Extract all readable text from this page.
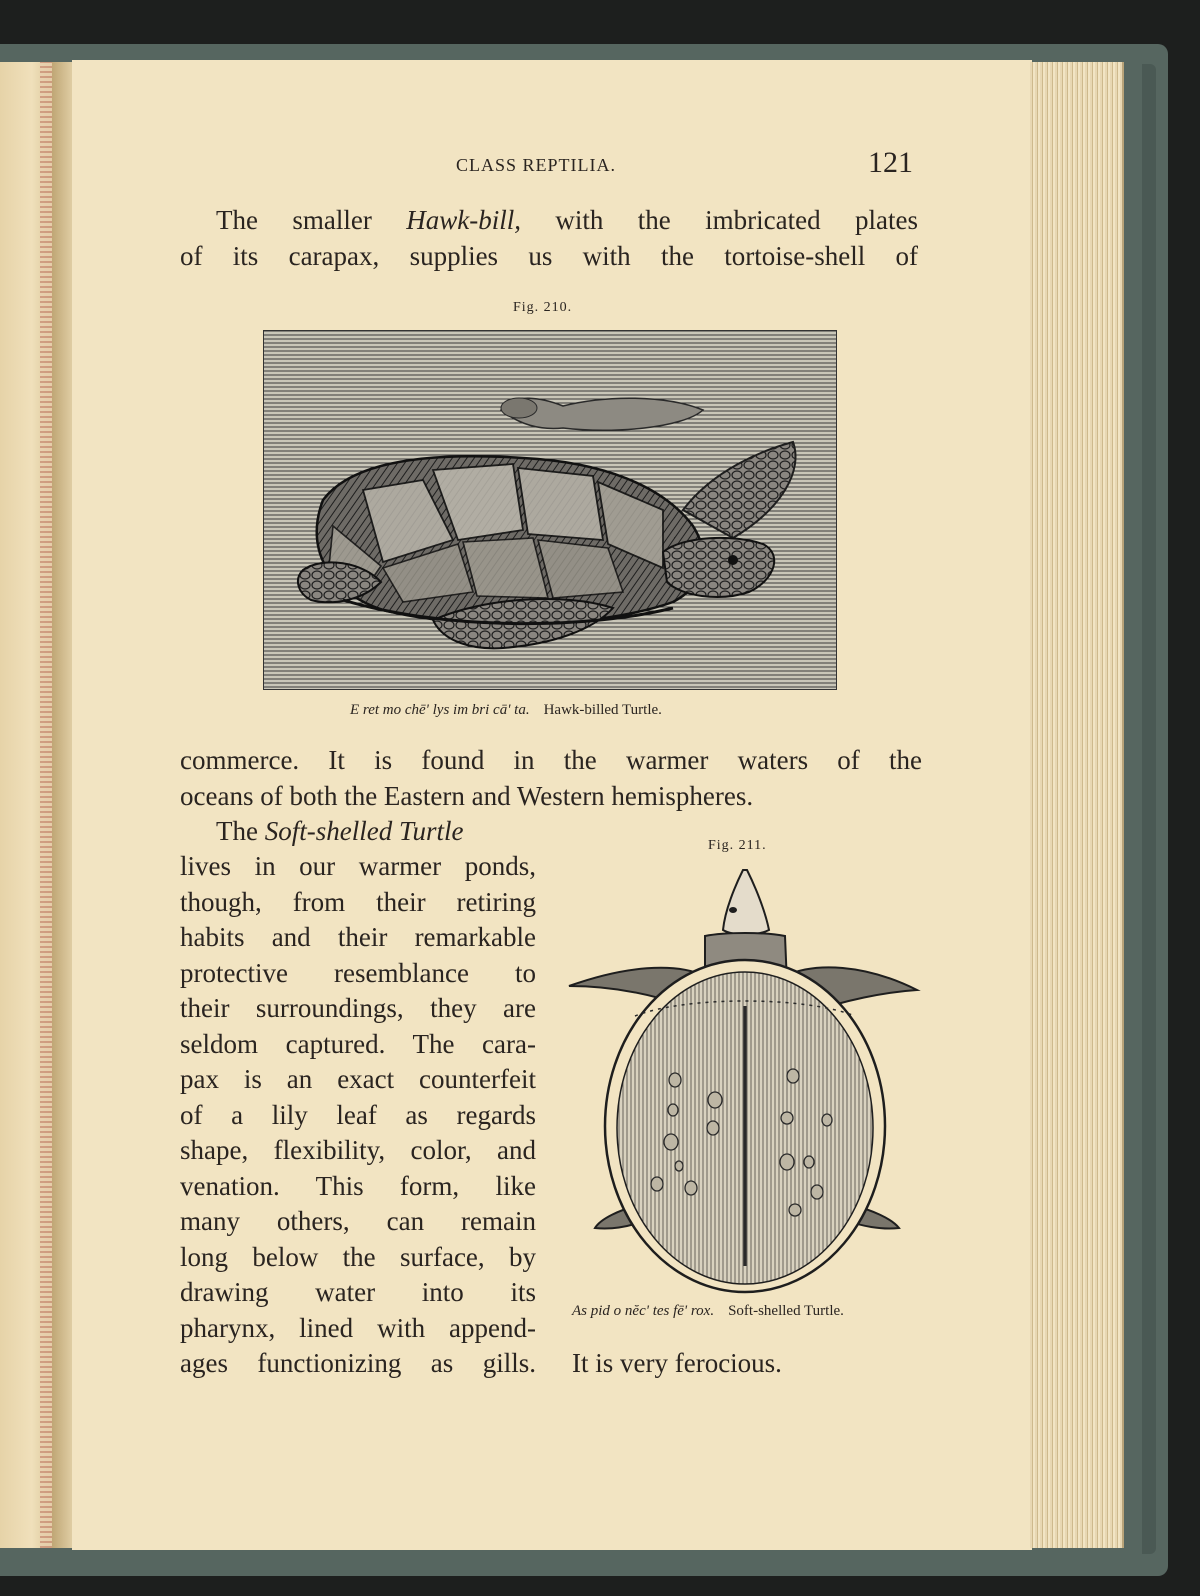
CLASS REPTILIA.	121
The smaller Hawk-bill, with the imbricated plates
of its carapax, supplies us with the tortoise-shell of
Fig. 210.
E ret mo chē' lys im bri cā' ta. Hawk-billed Turtle.
commerce. It is found in the warmer waters of the
oceans of both the Eastern and Western hemispheres.
The Soft-shelled Turtle
lives in our warmer ponds,
though, from their retiring
habits and their remarkable
protective resemblance to
their surroundings, they are
seldom captured. The cara-
pax is an exact counterfeit
of a lily leaf as regards
shape, flexibility, color, and
venation. This form, like
many others, can remain
long below the surface, by
drawing water into its
pharynx, lined with append-
ages functionizing as gills.
Fig. 211.
As pid o nĕc' tes fē' rox. Soft-shelled Turtle.
It is very ferocious.
